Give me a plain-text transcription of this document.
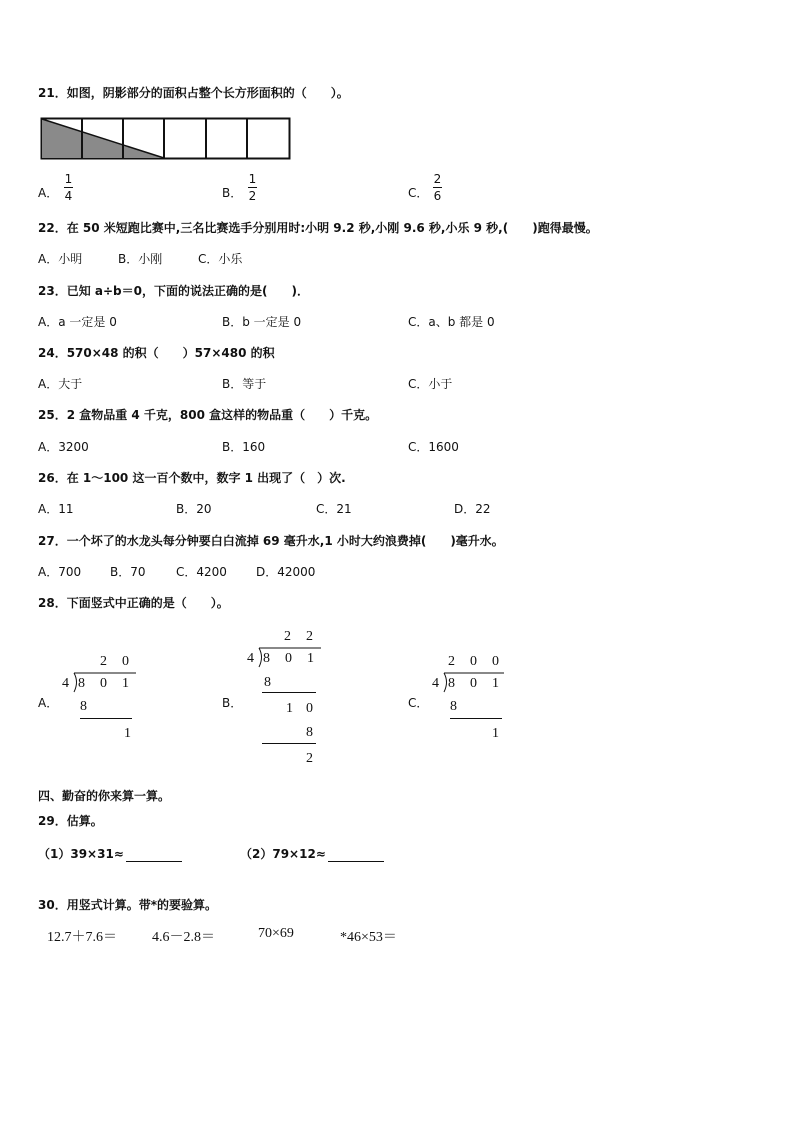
21．如图，阴影部分的面积占整个长方形面积的（　　）。
A．
1
4	B．
1
2	C．
2
6
22．在 50 米短跑比赛中,三名比赛选手分别用时:小明 9.2 秒,小刚 9.6 秒,小乐 9 秒,(　　)跑得最慢。
A．小明	B．小刚	C．小乐
23．已知 a÷b＝0，下面的说法正确的是(　　)．
A．a 一定是 0	B．b 一定是 0	C．a、b 都是 0
24．570×48 的积（　　）57×480 的积
A．大于	B．等于	C．小于
25．2 盒物品重 4 千克，800 盒这样的物品重（　　）千克。
A．3200	B．160	C．1600
26．在 1～100 这一百个数中，数字 1 出现了（　）次.
A．11	B．20	C．21	D．22
27．一个坏了的水龙头每分钟要白白流掉 69 毫升水,1 小时大约浪费掉(　　)毫升水。
A．700 B．70	C．4200 D．42000
28．下面竖式中正确的是（　　）。
A．
2 0
4 8 0 1
8
1
B．
2 2
4 8 0 1
8
1 0
8
2
C．
2 0 0
4 8 0 1
8
1
四、勤奋的你来算一算。
29．估算。
（1）39×31≈	（2）79×12≈
30．用竖式计算。带*的要验算。
12.7＋7.6＝	4.6－2.8＝	70×69	*46×53＝
